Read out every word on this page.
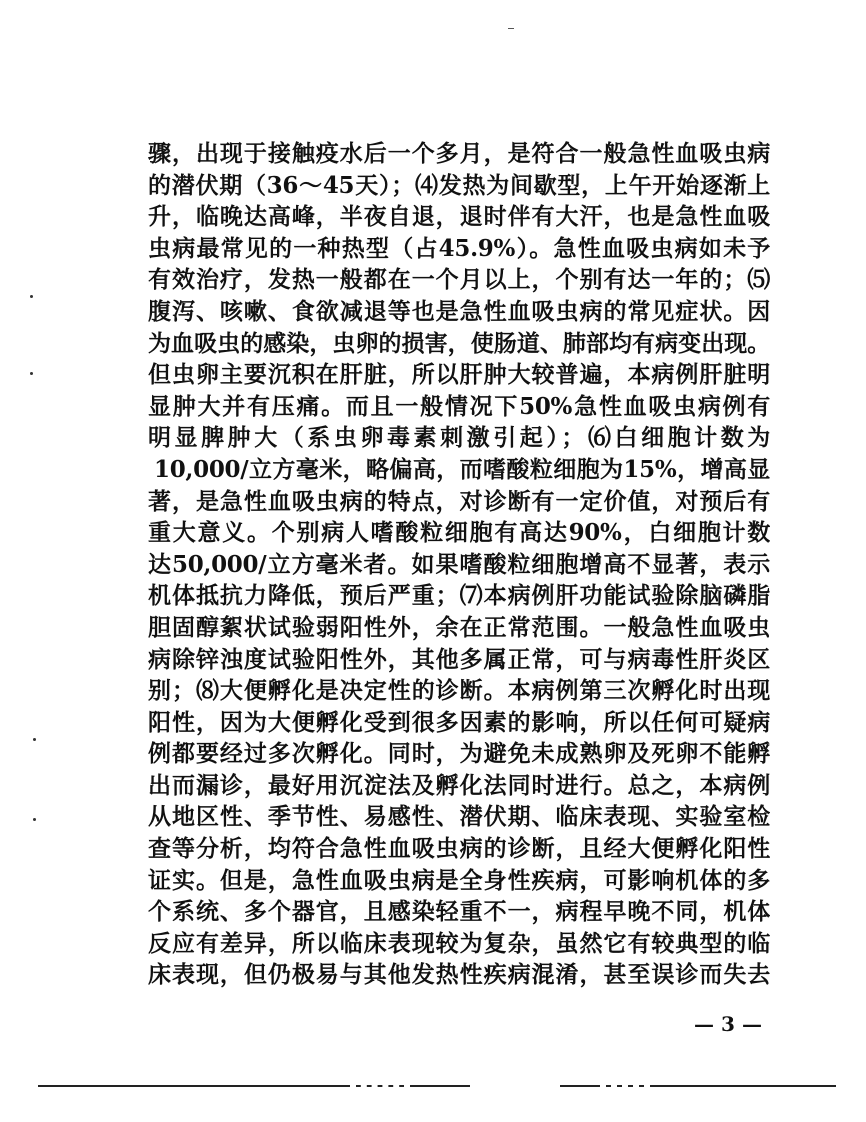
骤，出现于接触疫水后一个多月，是符合一般急性血吸虫病
的潜伏期（36～45天）；⑷发热为间歇型，上午开始逐渐上
升，临晚达高峰，半夜自退，退时伴有大汗，也是急性血吸
虫病最常见的一种热型（占45.9%）。急性血吸虫病如未予
有效治疗，发热一般都在一个月以上，个别有达一年的；⑸
腹泻、咳嗽、食欲减退等也是急性血吸虫病的常见症状。因
为血吸虫的感染，虫卵的损害，使肠道、肺部均有病变出现。
但虫卵主要沉积在肝脏，所以肝肿大较普遍，本病例肝脏明
显肿大并有压痛。而且一般情况下50%急性血吸虫病例有
明显脾肿大（系虫卵毒素刺激引起）；⑹白细胞计数为
10,000/立方毫米，略偏高，而嗜酸粒细胞为15%，增高显
著，是急性血吸虫病的特点，对诊断有一定价值，对预后有
重大意义。个别病人嗜酸粒细胞有高达90%，白细胞计数
达50,000/立方毫米者。如果嗜酸粒细胞增高不显著，表示
机体抵抗力降低，预后严重；⑺本病例肝功能试验除脑磷脂
胆固醇絮状试验弱阳性外，余在正常范围。一般急性血吸虫
病除锌浊度试验阳性外，其他多属正常，可与病毒性肝炎区
别；⑻大便孵化是决定性的诊断。本病例第三次孵化时出现
阳性，因为大便孵化受到很多因素的影响，所以任何可疑病
例都要经过多次孵化。同时，为避免未成熟卵及死卵不能孵
出而漏诊，最好用沉淀法及孵化法同时进行。总之，本病例
从地区性、季节性、易感性、潜伏期、临床表现、实验室检
查等分析，均符合急性血吸虫病的诊断，且经大便孵化阳性
证实。但是，急性血吸虫病是全身性疾病，可影响机体的多
个系统、多个器官，且感染轻重不一，病程早晚不同，机体
反应有差异，所以临床表现较为复杂，虽然它有较典型的临
床表现，但仍极易与其他发热性疾病混淆，甚至误诊而失去
— 3 —
